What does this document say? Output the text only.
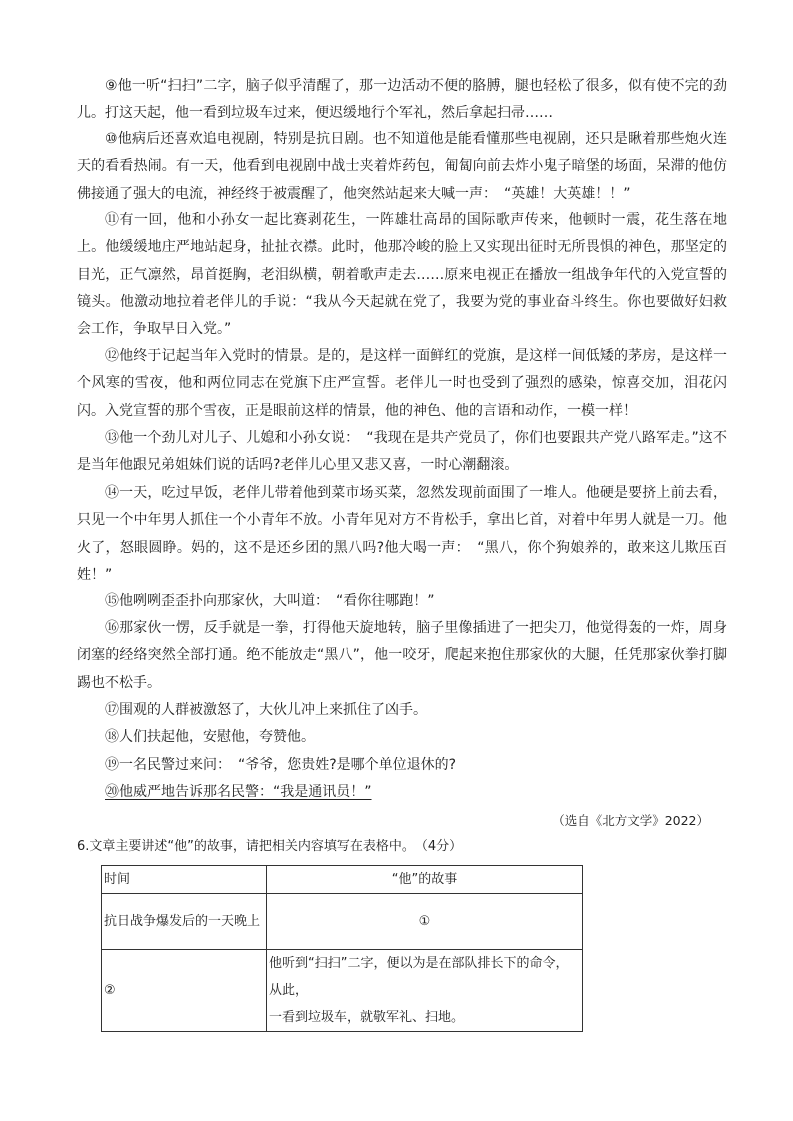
⑨他一听“扫扫”二字，脑子似乎清醒了，那一边活动不便的胳膊，腿也轻松了很多，似有使不完的劲儿。打这天起，他一看到垃圾车过来，便迟缓地行个军礼，然后拿起扫帚……

⑩他病后还喜欢追电视剧，特别是抗日剧。也不知道他是能看懂那些电视剧，还只是瞅着那些炮火连天的看看热闹。有一天，他看到电视剧中战士夹着炸药包，匍匐向前去炸小鬼子暗堡的场面，呆滞的他仿佛接通了强大的电流，神经终于被震醒了，他突然站起来大喊一声：　“英雄！大英雄！！”

⑪有一回，他和小孙女一起比赛剥花生，一阵雄壮高昂的国际歌声传来，他顿时一震，花生落在地上。他缓缓地庄严地站起身，扯扯衣襟。此时，他那冷峻的脸上又实现出征时无所畏惧的神色，那坚定的目光，正气凛然，昂首挺胸，老泪纵横，朝着歌声走去……原来电视正在播放一组战争年代的入党宣誓的镜头。他激动地拉着老伴儿的手说：“我从今天起就在党了，我要为党的事业奋斗终生。你也要做好妇救会工作，争取早日入党。”

⑫他终于记起当年入党时的情景。是的，是这样一面鲜红的党旗，是这样一间低矮的茅房，是这样一个风寒的雪夜，他和两位同志在党旗下庄严宣誓。老伴儿一时也受到了强烈的感染，惊喜交加，泪花闪闪。入党宣誓的那个雪夜，正是眼前这样的情景，他的神色、他的言语和动作，一模一样！

⑬他一个劲儿对儿子、儿媳和小孙女说：　“我现在是共产党员了，你们也要跟共产党八路军走。”这不是当年他跟兄弟姐妹们说的话吗?老伴儿心里又悲又喜，一时心潮翻滚。

⑭一天，吃过早饭，老伴儿带着他到菜市场买菜，忽然发现前面围了一堆人。他硬是要挤上前去看，只见一个中年男人抓住一个小青年不放。小青年见对方不肯松手，拿出匕首，对着中年男人就是一刀。他火了，怒眼圆睁。妈的，这不是还乡团的黑八吗?他大喝一声：　“黑八，你个狗娘养的，敢来这儿欺压百姓！”

⑮他咧咧歪歪扑向那家伙，大叫道：　“看你往哪跑！”

⑯那家伙一愣，反手就是一拳，打得他天旋地转，脑子里像插进了一把尖刀，他觉得轰的一炸，周身闭塞的经络突然全部打通。绝不能放走“黑八”，他一咬牙，爬起来抱住那家伙的大腿，任凭那家伙拳打脚踢也不松手。

⑰围观的人群被激怒了，大伙儿冲上来抓住了凶手。

⑱人们扶起他，安慰他，夸赞他。

⑲一名民警过来问：　“爷爷，您贵姓?是哪个单位退休的?

⑳他威严地告诉那名民警：“我是通讯员！”

（选自《北方文学》2022）
6.文章主要讲述“他”的故事，请把相关内容填写在表格中。　（4分）
时间	“他”的故事
抗日战争爆发后的一天晚上	①
②	他听到“扫扫”二字，便以为是在部队排长下的命令，从此，
一看到垃圾车，就敬军礼、扫地。
